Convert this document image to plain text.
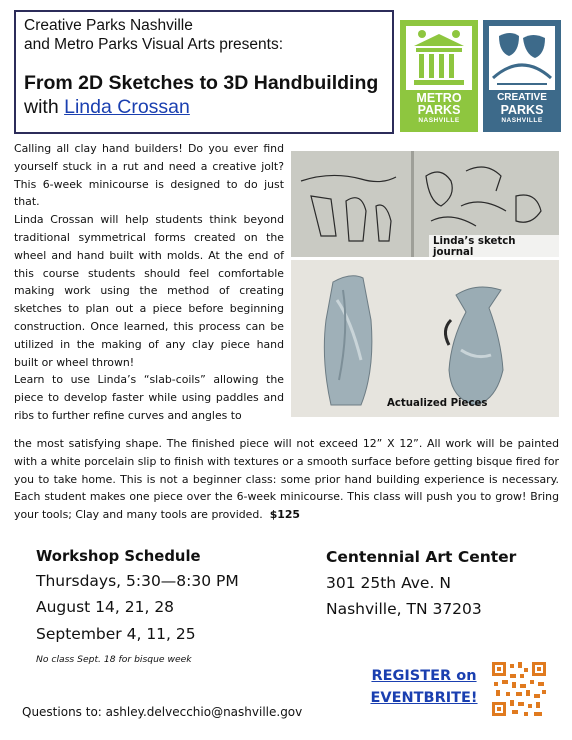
Creative Parks Nashville
and Metro Parks Visual Arts presents:
From 2D Sketches to 3D Handbuilding
with Linda Crossan	METRO
PARKS
NASHVILLE
CREATIVE
PARKS
NASHVILLE

Calling all clay hand builders! Do you ever find yourself stuck in a rut and need a creative jolt? This 6-week minicourse is designed to do just that.

Linda Crossan will help students think beyond traditional symmetrical forms created on the wheel and hand built with molds. At the end of this course students should feel comfortable making work using the method of creating sketches to plan out a piece before beginning construction. Once learned, this process can be utilized in the making of any clay piece hand built or wheel thrown!

Learn to use Linda’s “slab-coils” allowing the piece to develop faster while using paddles and ribs to further refine curves and angles to

Linda’s sketch journal
Actualized Pieces
the most satisfying shape. The finished piece will not exceed 12” X 12”. All work will be painted with a white porcelain slip to finish with textures or a smooth surface before getting bisque fired for you to take home. This is not a beginner class: some prior hand building experience is necessary. Each student makes one piece over the 6-week minicourse. This class will push you to grow! Bring your tools; Clay and many tools are provided. $125
Workshop Schedule
Thursdays, 5:30—8:30 PM
August 14, 21, 28
September 4, 11, 25
No class Sept. 18 for bisque week
Centennial Art Center
301 25th Ave. N
Nashville, TN 37203
REGISTER on
EVENTBRITE!
Questions to: ashley.delvecchio@nashville.gov
